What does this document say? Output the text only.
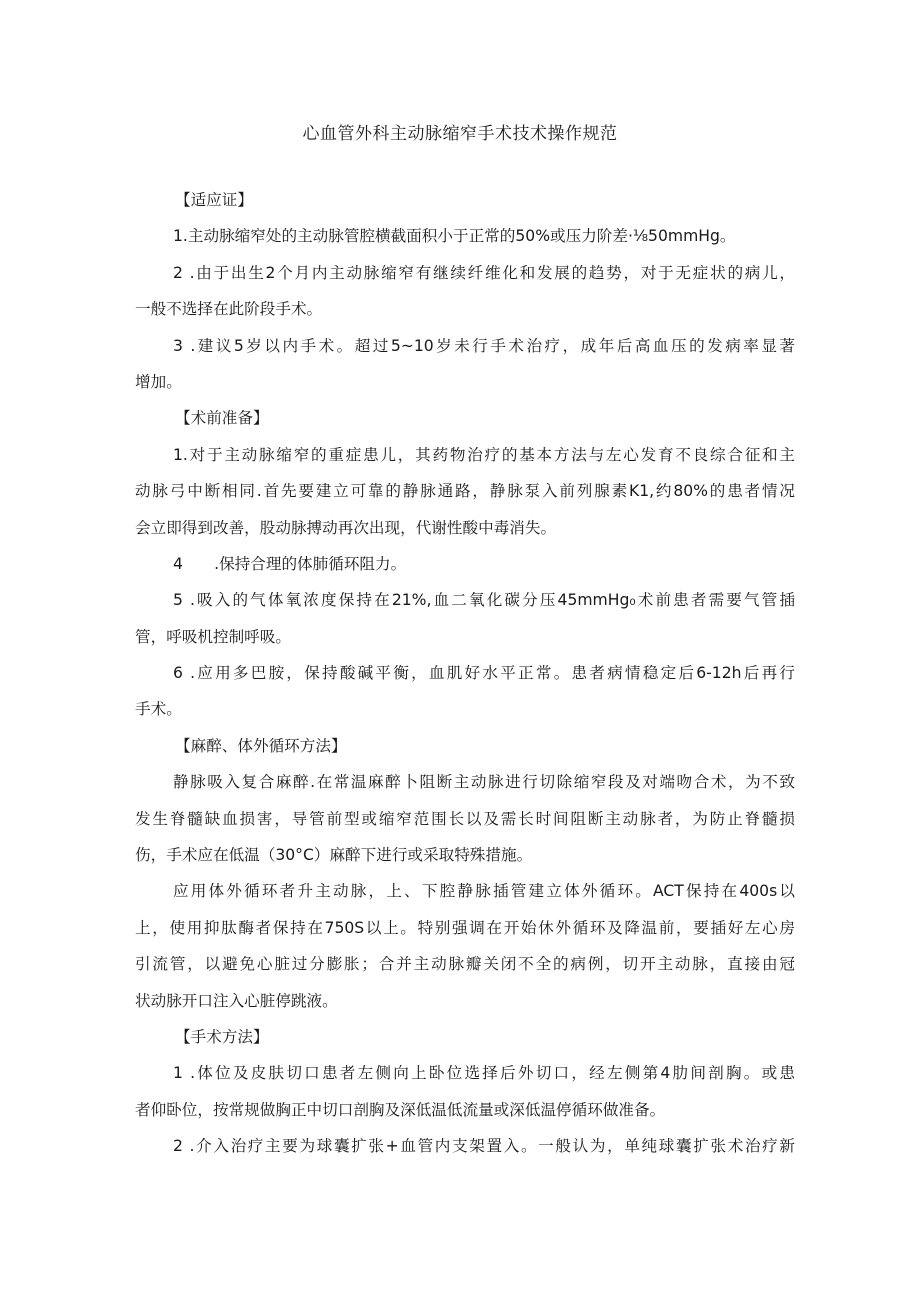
心血管外科主动脉缩窄手术技术操作规范
【适应证】
1.主动脉缩窄处的主动脉管腔横截面积小于正常的50%或压力阶差·⅛50mmHg。
2 .由于出生2个月内主动脉缩窄有继续纤维化和发展的趋势，对于无症状的病儿，
一般不选择在此阶段手术。
3 .建议5岁以内手术。超过5~10岁未行手术治疗，成年后高血压的发病率显著
增加。
【术前准备】
1.对于主动脉缩窄的重症患儿，其药物治疗的基本方法与左心发育不良综合征和主
动脉弓中断相同.首先要建立可靠的静脉通路，静脉泵入前列腺素K1,约80%的患者情况
会立即得到改善，股动脉搏动再次出现，代谢性酸中毒消失。
4　　.保持合理的体肺循环阻力。
5 .吸入的气体氧浓度保持在21%,血二氧化碳分压45mmHg₀术前患者需要气管插
管，呼吸机控制呼吸。
6 .应用多巴胺，保持酸碱平衡，血肌好水平正常。患者病情稳定后6-12h后再行
手术。
【麻醉、体外循环方法】
静脉吸入复合麻醉.在常温麻醉卜阻断主动脉进行切除缩窄段及对端吻合术，为不致
发生脊髓缺血损害，导管前型或缩窄范围长以及需长时间阻断主动脉者，为防止脊髓损
伤，手术应在低温（30°C）麻醉下进行或采取特殊措施。
应用体外循环者升主动脉，上、下腔静脉插管建立体外循环。ACT保持在400s以
上，使用抑肽酶者保持在750S以上。特别强调在开始休外循环及降温前，要插好左心房
引流管，以避免心脏过分膨胀；合并主动脉瓣关闭不全的病例，切开主动脉，直接由冠
状动脉开口注入心脏停跳液。
【手术方法】
1 .体位及皮肤切口患者左侧向上卧位选择后外切口，经左侧第4肋间剖胸。或患
者仰卧位，按常规做胸正中切口剖胸及深低温低流量或深低温停循环做准备。
2 .介入治疗主要为球囊扩张+血管内支架置入。一般认为，单纯球囊扩张术治疗新
